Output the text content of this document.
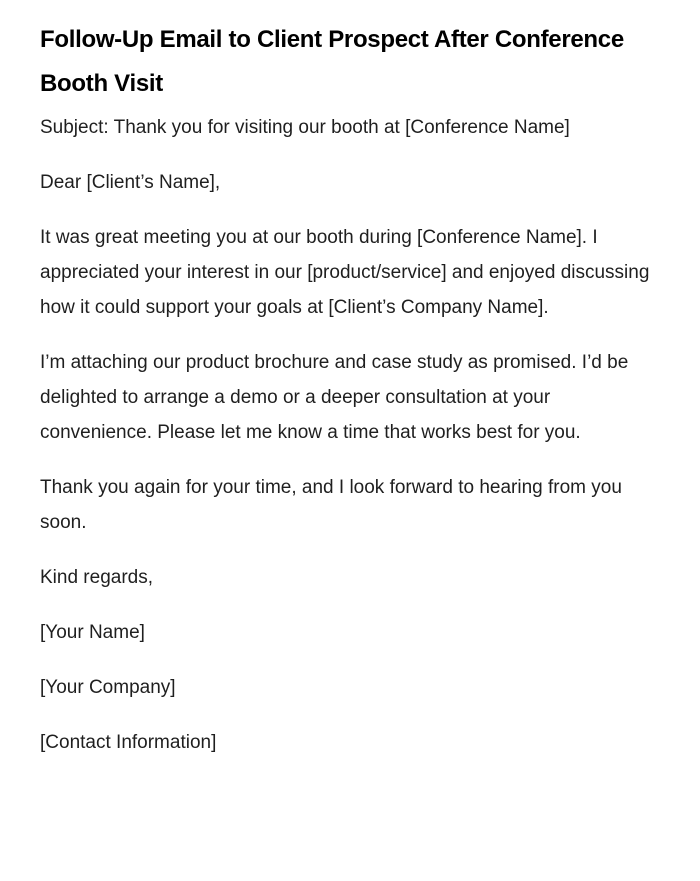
Follow-Up Email to Client Prospect After Conference Booth Visit

Subject: Thank you for visiting our booth at [Conference Name]

Dear [Client’s Name],

It was great meeting you at our booth during [Conference Name]. I appreciated your interest in our [product/service] and enjoyed discussing how it could support your goals at [Client’s Company Name].

I’m attaching our product brochure and case study as promised. I’d be delighted to arrange a demo or a deeper consultation at your convenience. Please let me know a time that works best for you.

Thank you again for your time, and I look forward to hearing from you soon.

Kind regards,

[Your Name]

[Your Company]

[Contact Information]
